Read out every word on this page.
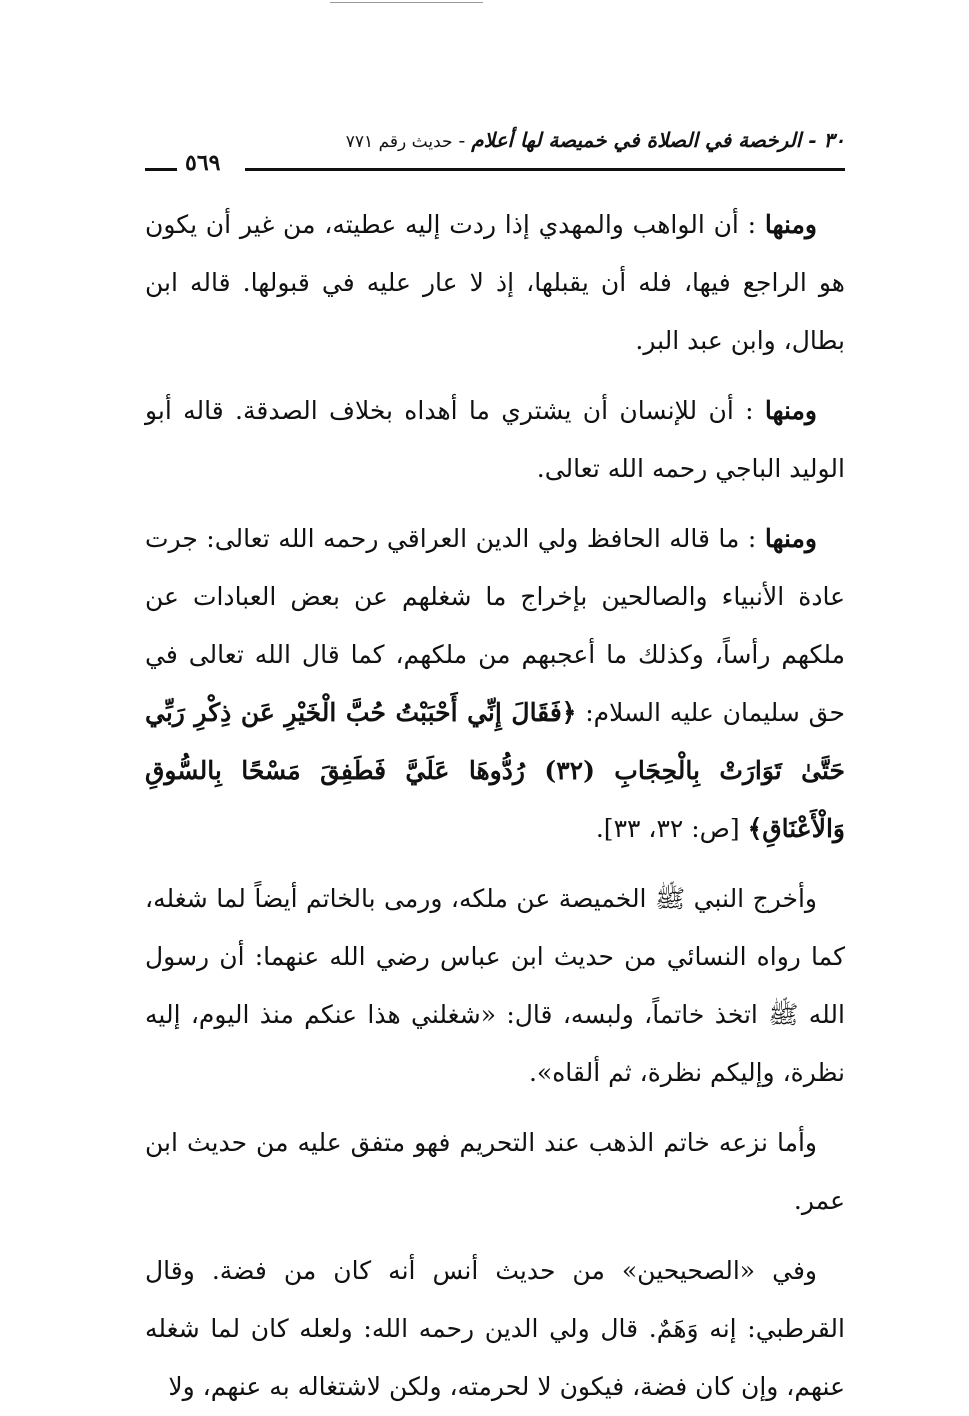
٣٠ - الرخصة في الصلاة في خميصة لها أعلام-حديث رقم ٧٧١
٥٦٩

ومنها : أن الواهب والمهدي إذا ردت إليه عطيته، من غير أن يكون هو الراجع فيها، فله أن يقبلها، إذ لا عار عليه في قبولها. قاله ابن بطال، وابن عبد البر.

ومنها : أن للإنسان أن يشتري ما أهداه بخلاف الصدقة. قاله أبو الوليد الباجي رحمه الله تعالى.

ومنها : ما قاله الحافظ ولي الدين العراقي رحمه الله تعالى: جرت عادة الأنبياء والصالحين بإخراج ما شغلهم عن بعض العبادات عن ملكهم رأساً، وكذلك ما أعجبهم من ملكهم، كما قال الله تعالى في حق سليمان عليه السلام: ﴿فَقَالَ إِنِّي أَحْبَبْتُ حُبَّ الْخَيْرِ عَن ذِكْرِ رَبِّي حَتَّىٰ تَوَارَتْ بِالْحِجَابِ (٣٢) رُدُّوهَا عَلَيَّ فَطَفِقَ مَسْحًا بِالسُّوقِ وَالْأَعْنَاقِ﴾ [ص: ٣٢، ٣٣].

وأخرج النبي ﷺ الخميصة عن ملكه، ورمى بالخاتم أيضاً لما شغله، كما رواه النسائي من حديث ابن عباس رضي الله عنهما: أن رسول الله ﷺ اتخذ خاتماً، ولبسه، قال: «شغلني هذا عنكم منذ اليوم، إليه نظرة، وإليكم نظرة، ثم ألقاه».

وأما نزعه خاتم الذهب عند التحريم فهو متفق عليه من حديث ابن عمر.

وفي «الصحيحين» من حديث أنس أنه كان من فضة. وقال القرطبي: إنه وَهَمٌ. قال ولي الدين رحمه الله: ولعله كان لما شغله عنهم، وإن كان فضة، فيكون لا لحرمته، ولكن لاشتغاله به عنهم، ولا
